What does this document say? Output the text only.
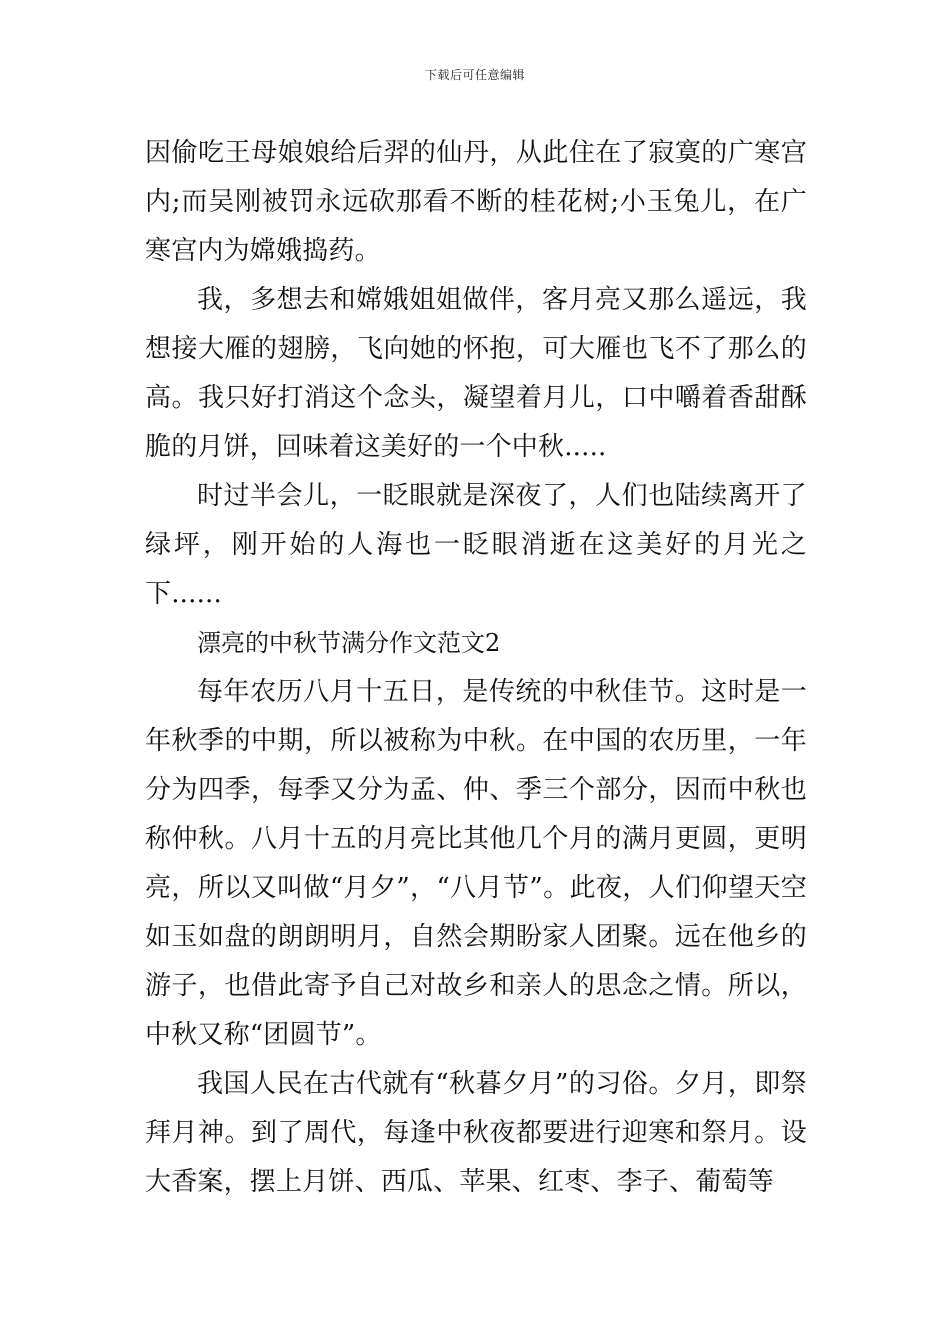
下载后可任意编辑

因偷吃王母娘娘给后羿的仙丹，从此住在了寂寞的广寒宫内;而吴刚被罚永远砍那看不断的桂花树;小玉兔儿，在广寒宫内为嫦娥捣药。

我，多想去和嫦娥姐姐做伴，客月亮又那么遥远，我想接大雁的翅膀，飞向她的怀抱，可大雁也飞不了那么的高。我只好打消这个念头，凝望着月儿，口中嚼着香甜酥脆的月饼，回味着这美好的一个中秋.....

时过半会儿，一眨眼就是深夜了，人们也陆续离开了绿坪，刚开始的人海也一眨眼消逝在这美好的月光之下......

漂亮的中秋节满分作文范文2

每年农历八月十五日，是传统的中秋佳节。这时是一年秋季的中期，所以被称为中秋。在中国的农历里，一年分为四季，每季又分为孟、仲、季三个部分，因而中秋也称仲秋。八月十五的月亮比其他几个月的满月更圆，更明亮，所以又叫做“月夕”，“八月节”。此夜，人们仰望天空如玉如盘的朗朗明月，自然会期盼家人团聚。远在他乡的游子，也借此寄予自己对故乡和亲人的思念之情。所以，中秋又称“团圆节”。

我国人民在古代就有“秋暮夕月”的习俗。夕月，即祭拜月神。到了周代，每逢中秋夜都要进行迎寒和祭月。设大香案，摆上月饼、西瓜、苹果、红枣、李子、葡萄等
